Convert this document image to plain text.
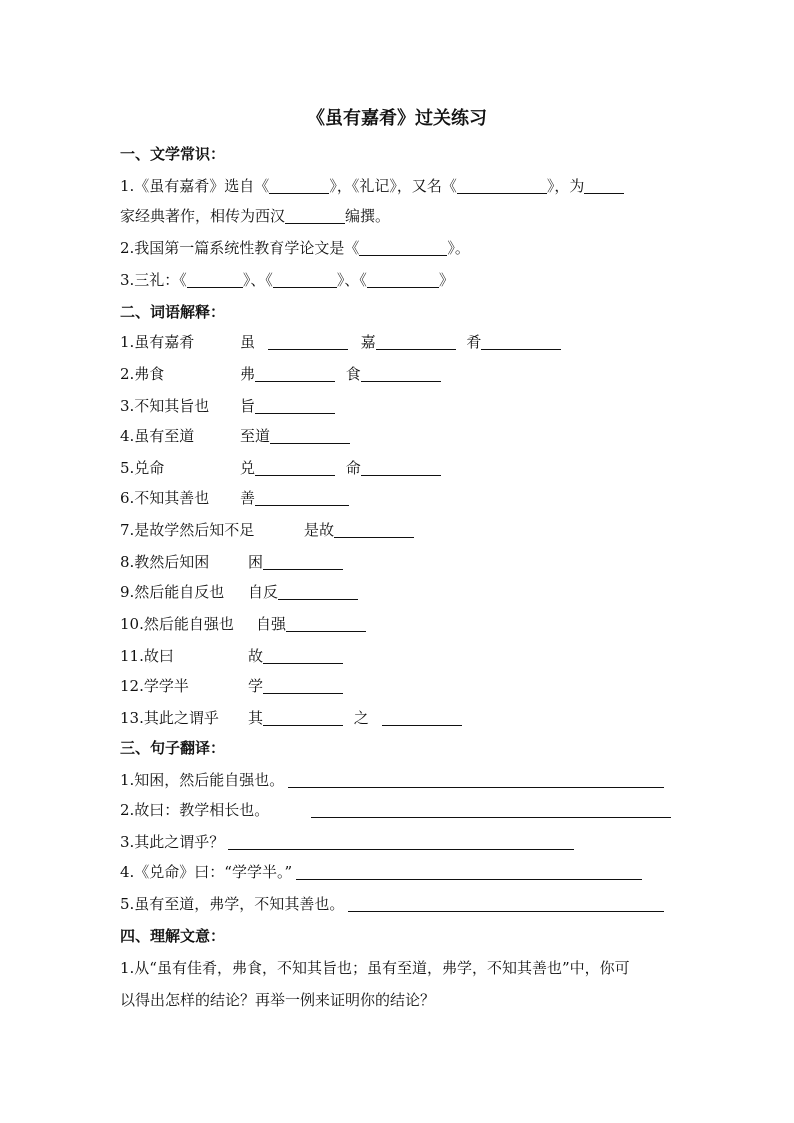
《虽有嘉肴》过关练习
一、文学常识：
1.《虽有嘉肴》选自《	》，《礼记》，又名《	》，为
家经典著作，相传为西汉	编撰。
2.我国第一篇系统性教育学论文是《	》。
3.三礼：《	》、《	》、《	》
二、词语解释：
1.虽有嘉肴	虽	嘉	肴
2.弗食	弗	食
3.不知其旨也 旨
4.虽有至道	至道
5.兑命	兑	命
6.不知其善也 善
7.是故学然后知不足	是故
8.教然后知困	困
9.然后能自反也 自反
10.然后能自强也 自强
11.故曰	故
12.学学半	学
13.其此之谓乎 其	之
三、句子翻译：
1.知困，然后能自强也。
2.故曰：教学相长也。
3.其此之谓乎？
4.《兑命》曰：“学学半。”
5.虽有至道，弗学，不知其善也。
四、理解文意：
1.从“虽有佳肴，弗食，不知其旨也；虽有至道，弗学，不知其善也”中，你可
以得出怎样的结论？再举一例来证明你的结论？
